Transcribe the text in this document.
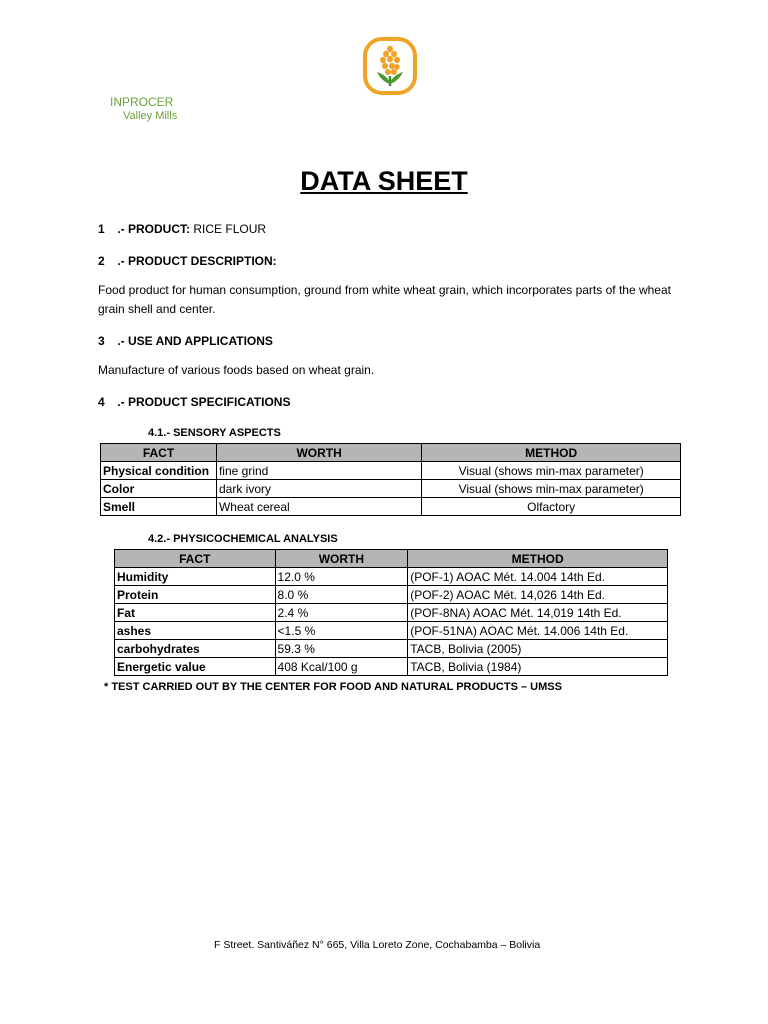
INPROCER
Valley Mills
DATA SHEET
1 .- PRODUCT: RICE FLOUR
2 .- PRODUCT DESCRIPTION:
Food product for human consumption, ground from white wheat grain, which incorporates parts of the wheat grain shell and center.
3 .- USE AND APPLICATIONS
Manufacture of various foods based on wheat grain.
4 .- PRODUCT SPECIFICATIONS
4.1.- SENSORY ASPECTS
FACT	WORTH	METHOD
Physical condition	fine grind	Visual (shows min-max parameter)
Color	dark ivory	Visual (shows min-max parameter)
Smell	Wheat cereal	Olfactory
4.2.- PHYSICOCHEMICAL ANALYSIS
FACT	WORTH	METHOD
Humidity	12.0 %	(POF-1) AOAC Mét. 14.004 14th Ed.
Protein	8.0 %	(POF-2) AOAC Mét. 14,026 14th Ed.
Fat	2.4 %	(POF-8NA) AOAC Mét. 14,019 14th Ed.
ashes	<1.5 %	(POF-51NA) AOAC Mét. 14.006 14th Ed.
carbohydrates	59.3 %	TACB, Bolivia (2005)
Energetic value	408 Kcal/100 g	TACB, Bolivia (1984)
* TEST CARRIED OUT BY THE CENTER FOR FOOD AND NATURAL PRODUCTS – UMSS
F Street. Santiváñez N° 665, Villa Loreto Zone, Cochabamba – Bolivia
